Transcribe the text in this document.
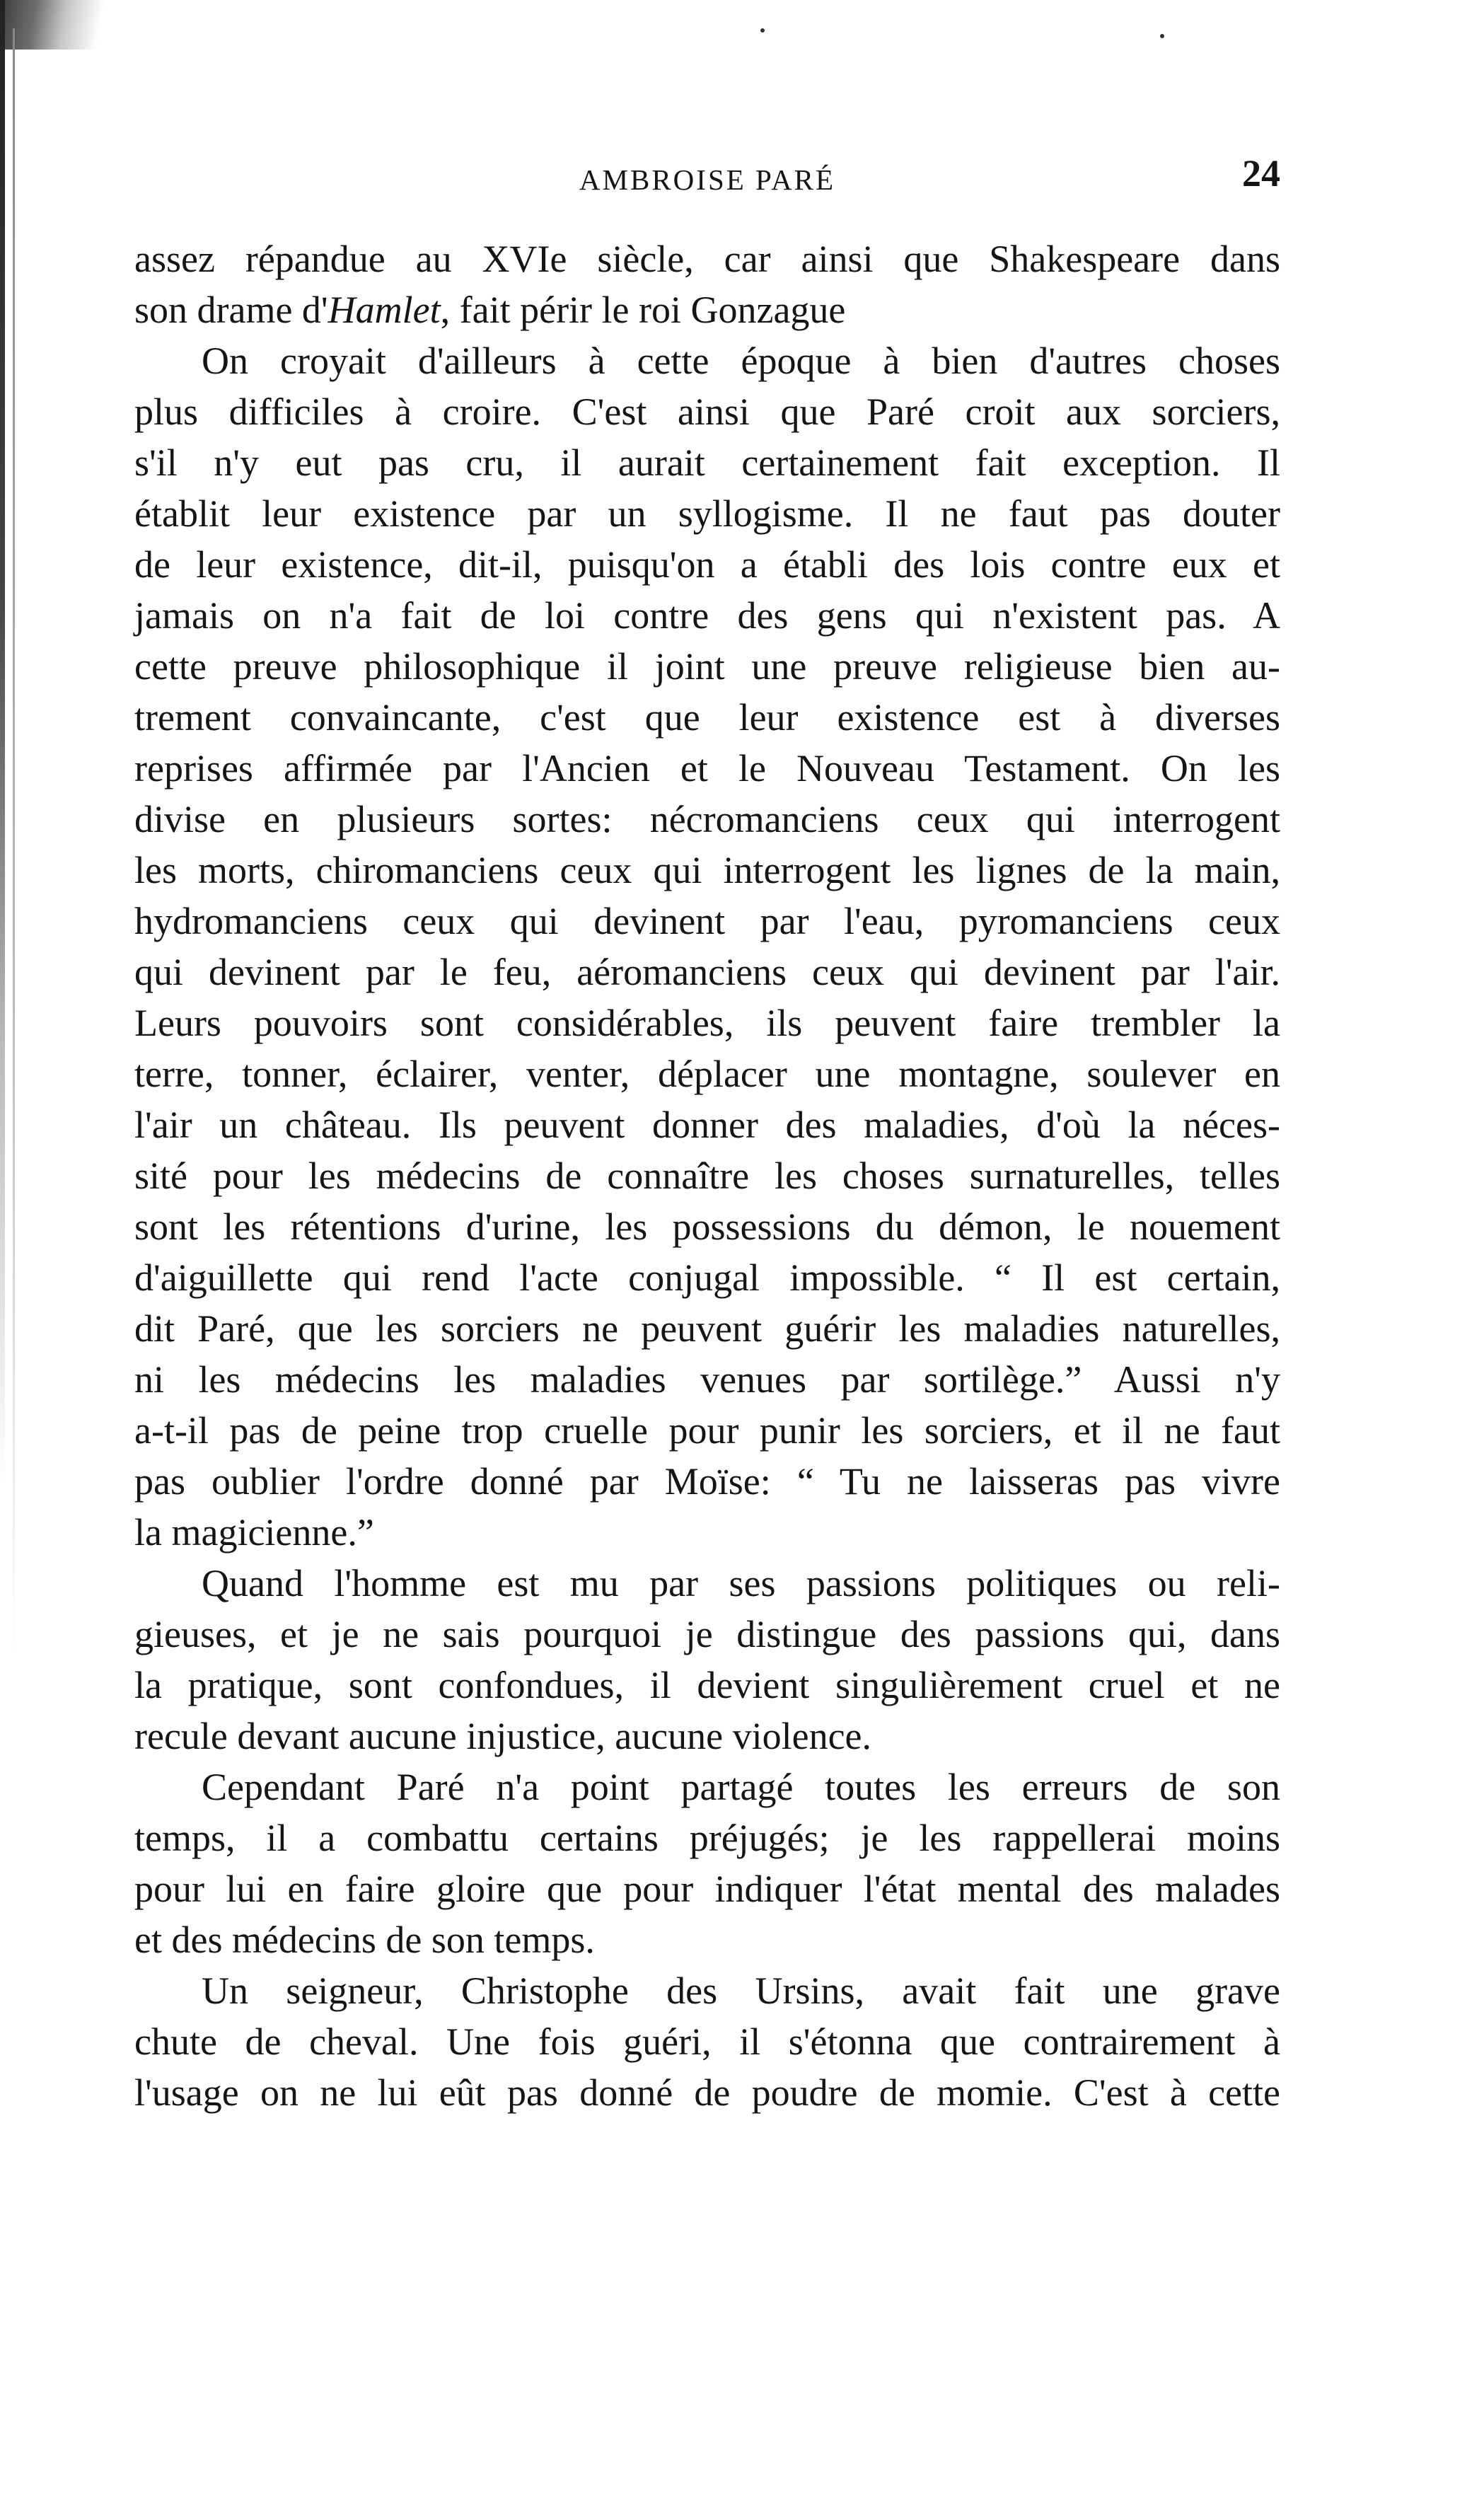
AMBROISE PARÉ	24
assez répandue au XVIe siècle, car ainsi que Shakespeare dans
son drame d'Hamlet, fait périr le roi Gonzague
On croyait d'ailleurs à cette époque à bien d'autres choses
plus difficiles à croire. C'est ainsi que Paré croit aux sorciers,
s'il n'y eut pas cru, il aurait certainement fait exception. Il
établit leur existence par un syllogisme. Il ne faut pas douter
de leur existence, dit-il, puisqu'on a établi des lois contre eux et
jamais on n'a fait de loi contre des gens qui n'existent pas. A
cette preuve philosophique il joint une preuve religieuse bien au-
trement convaincante, c'est que leur existence est à diverses
reprises affirmée par l'Ancien et le Nouveau Testament. On les
divise en plusieurs sortes: nécromanciens ceux qui interrogent
les morts, chiromanciens ceux qui interrogent les lignes de la main,
hydromanciens ceux qui devinent par l'eau, pyromanciens ceux
qui devinent par le feu, aéromanciens ceux qui devinent par l'air.
Leurs pouvoirs sont considérables, ils peuvent faire trembler la
terre, tonner, éclairer, venter, déplacer une montagne, soulever en
l'air un château. Ils peuvent donner des maladies, d'où la néces-
sité pour les médecins de connaître les choses surnaturelles, telles
sont les rétentions d'urine, les possessions du démon, le nouement
d'aiguillette qui rend l'acte conjugal impossible. “ Il est certain,
dit Paré, que les sorciers ne peuvent guérir les maladies naturelles,
ni les médecins les maladies venues par sortilège.” Aussi n'y
a-t-il pas de peine trop cruelle pour punir les sorciers, et il ne faut
pas oublier l'ordre donné par Moïse: “ Tu ne laisseras pas vivre
la magicienne.”
Quand l'homme est mu par ses passions politiques ou reli-
gieuses, et je ne sais pourquoi je distingue des passions qui, dans
la pratique, sont confondues, il devient singulièrement cruel et ne
recule devant aucune injustice, aucune violence.
Cependant Paré n'a point partagé toutes les erreurs de son
temps, il a combattu certains préjugés; je les rappellerai moins
pour lui en faire gloire que pour indiquer l'état mental des malades
et des médecins de son temps.
Un seigneur, Christophe des Ursins, avait fait une grave
chute de cheval. Une fois guéri, il s'étonna que contrairement à
l'usage on ne lui eût pas donné de poudre de momie. C'est à cette
